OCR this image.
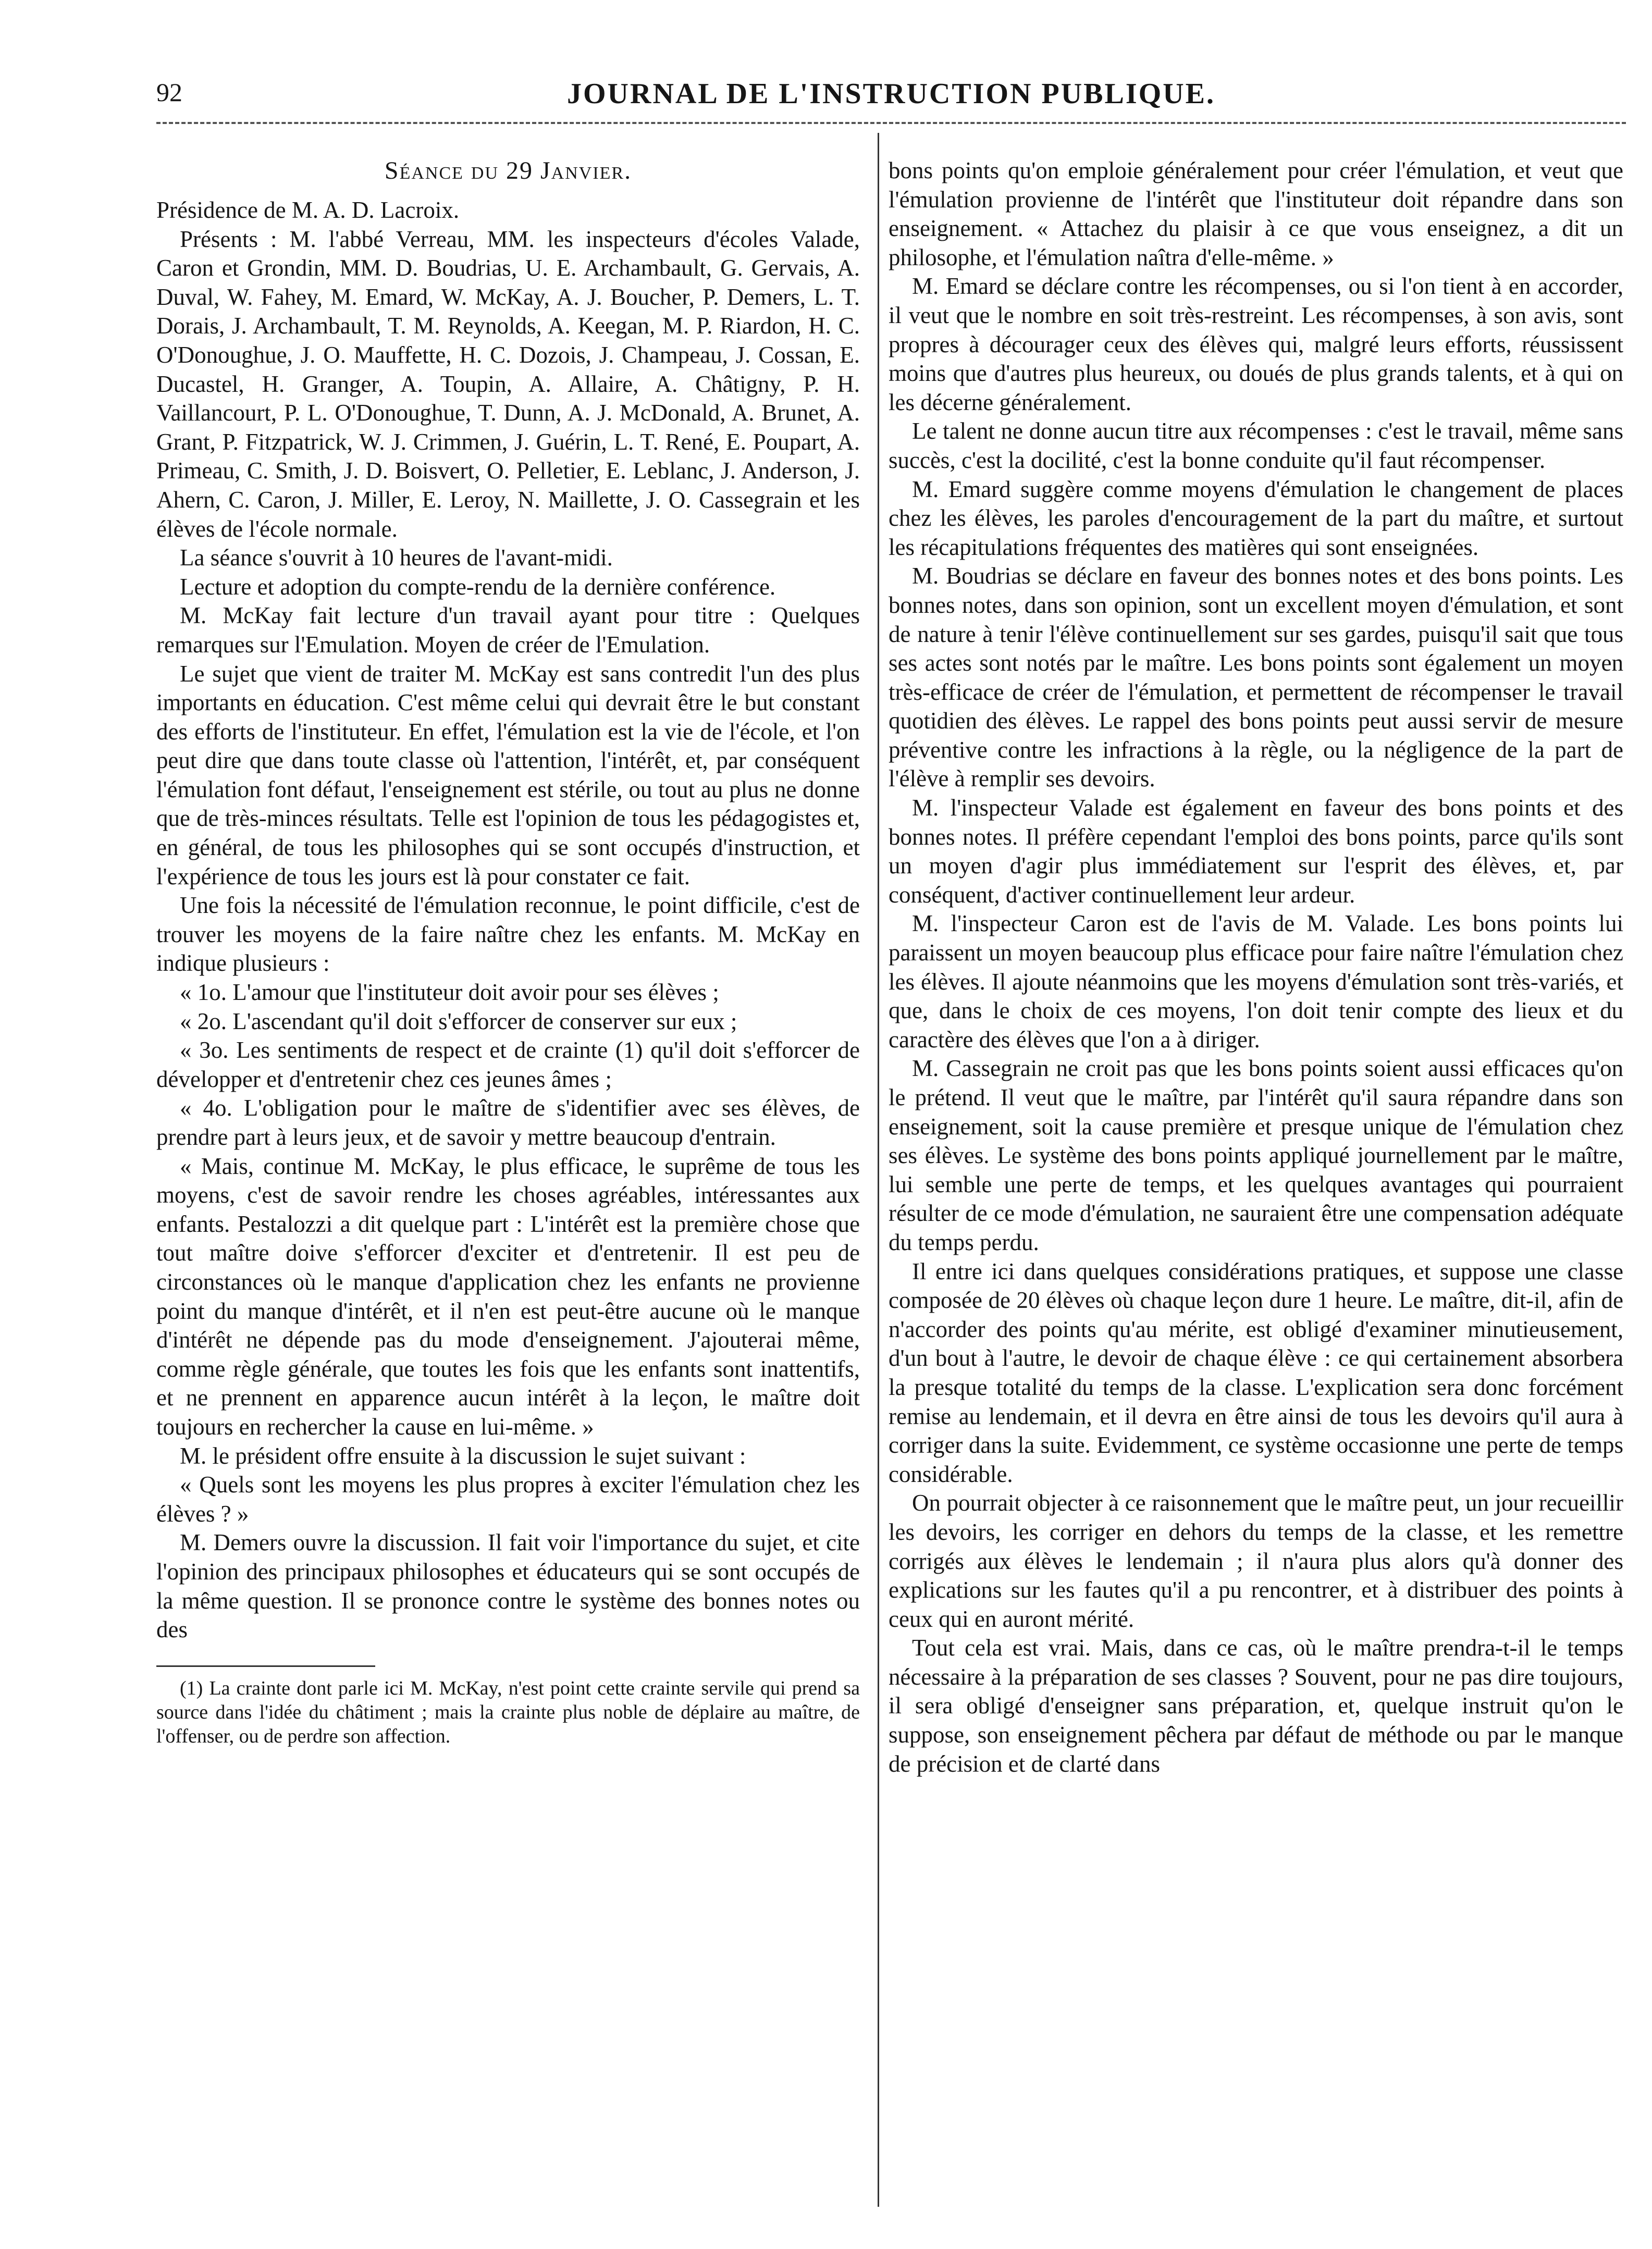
92	JOURNAL DE L'INSTRUCTION PUBLIQUE.
Séance du 29 Janvier.

Présidence de M. A. D. Lacroix.

Présents : M. l'abbé Verreau, MM. les inspecteurs d'écoles Valade, Caron et Grondin, MM. D. Boudrias, U. E. Archambault, G. Gervais, A. Duval, W. Fahey, M. Emard, W. McKay, A. J. Boucher, P. Demers, L. T. Dorais, J. Archambault, T. M. Reynolds, A. Keegan, M. P. Riardon, H. C. O'Donoughue, J. O. Mauffette, H. C. Dozois, J. Champeau, J. Cossan, E. Ducastel, H. Granger, A. Toupin, A. Allaire, A. Châtigny, P. H. Vaillancourt, P. L. O'Donoughue, T. Dunn, A. J. McDonald, A. Brunet, A. Grant, P. Fitzpatrick, W. J. Crimmen, J. Guérin, L. T. René, E. Poupart, A. Primeau, C. Smith, J. D. Boisvert, O. Pelletier, E. Leblanc, J. Anderson, J. Ahern, C. Caron, J. Miller, E. Leroy, N. Maillette, J. O. Cassegrain et les élèves de l'école normale.

La séance s'ouvrit à 10 heures de l'avant-midi.

Lecture et adoption du compte-rendu de la dernière conférence.

M. McKay fait lecture d'un travail ayant pour titre : Quelques remarques sur l'Emulation. Moyen de créer de l'Emulation.

Le sujet que vient de traiter M. McKay est sans contredit l'un des plus importants en éducation. C'est même celui qui devrait être le but constant des efforts de l'instituteur. En effet, l'émulation est la vie de l'école, et l'on peut dire que dans toute classe où l'attention, l'intérêt, et, par conséquent l'émulation font défaut, l'enseignement est stérile, ou tout au plus ne donne que de très-minces résultats. Telle est l'opinion de tous les pédagogistes et, en général, de tous les philosophes qui se sont occupés d'instruction, et l'expérience de tous les jours est là pour constater ce fait.

Une fois la nécessité de l'émulation reconnue, le point difficile, c'est de trouver les moyens de la faire naître chez les enfants. M. McKay en indique plusieurs :

« 1o. L'amour que l'instituteur doit avoir pour ses élèves ;

« 2o. L'ascendant qu'il doit s'efforcer de conserver sur eux ;

« 3o. Les sentiments de respect et de crainte (1) qu'il doit s'efforcer de développer et d'entretenir chez ces jeunes âmes ;

« 4o. L'obligation pour le maître de s'identifier avec ses élèves, de prendre part à leurs jeux, et de savoir y mettre beaucoup d'entrain.

« Mais, continue M. McKay, le plus efficace, le suprême de tous les moyens, c'est de savoir rendre les choses agréables, intéressantes aux enfants. Pestalozzi a dit quelque part : L'intérêt est la première chose que tout maître doive s'efforcer d'exciter et d'entretenir. Il est peu de circonstances où le manque d'application chez les enfants ne provienne point du manque d'intérêt, et il n'en est peut-être aucune où le manque d'intérêt ne dépende pas du mode d'enseignement. J'ajouterai même, comme règle générale, que toutes les fois que les enfants sont inattentifs, et ne prennent en apparence aucun intérêt à la leçon, le maître doit toujours en rechercher la cause en lui-même. »

M. le président offre ensuite à la discussion le sujet suivant :

« Quels sont les moyens les plus propres à exciter l'émulation chez les élèves ? »

M. Demers ouvre la discussion. Il fait voir l'importance du sujet, et cite l'opinion des principaux philosophes et éducateurs qui se sont occupés de la même question. Il se prononce contre le système des bonnes notes ou des

(1) La crainte dont parle ici M. McKay, n'est point cette crainte servile qui prend sa source dans l'idée du châtiment ; mais la crainte plus noble de déplaire au maître, de l'offenser, ou de perdre son affection.

bons points qu'on emploie généralement pour créer l'émulation, et veut que l'émulation provienne de l'intérêt que l'instituteur doit répandre dans son enseignement. « Attachez du plaisir à ce que vous enseignez, a dit un philosophe, et l'émulation naîtra d'elle-même. »

M. Emard se déclare contre les récompenses, ou si l'on tient à en accorder, il veut que le nombre en soit très-restreint. Les récompenses, à son avis, sont propres à décourager ceux des élèves qui, malgré leurs efforts, réussissent moins que d'autres plus heureux, ou doués de plus grands talents, et à qui on les décerne généralement.

Le talent ne donne aucun titre aux récompenses : c'est le travail, même sans succès, c'est la docilité, c'est la bonne conduite qu'il faut récompenser.

M. Emard suggère comme moyens d'émulation le changement de places chez les élèves, les paroles d'encouragement de la part du maître, et surtout les récapitulations fréquentes des matières qui sont enseignées.

M. Boudrias se déclare en faveur des bonnes notes et des bons points. Les bonnes notes, dans son opinion, sont un excellent moyen d'émulation, et sont de nature à tenir l'élève continuellement sur ses gardes, puisqu'il sait que tous ses actes sont notés par le maître. Les bons points sont également un moyen très-efficace de créer de l'émulation, et permettent de récompenser le travail quotidien des élèves. Le rappel des bons points peut aussi servir de mesure préventive contre les infractions à la règle, ou la négligence de la part de l'élève à remplir ses devoirs.

M. l'inspecteur Valade est également en faveur des bons points et des bonnes notes. Il préfère cependant l'emploi des bons points, parce qu'ils sont un moyen d'agir plus immédiatement sur l'esprit des élèves, et, par conséquent, d'activer continuellement leur ardeur.

M. l'inspecteur Caron est de l'avis de M. Valade. Les bons points lui paraissent un moyen beaucoup plus efficace pour faire naître l'émulation chez les élèves. Il ajoute néanmoins que les moyens d'émulation sont très-variés, et que, dans le choix de ces moyens, l'on doit tenir compte des lieux et du caractère des élèves que l'on a à diriger.

M. Cassegrain ne croit pas que les bons points soient aussi efficaces qu'on le prétend. Il veut que le maître, par l'intérêt qu'il saura répandre dans son enseignement, soit la cause première et presque unique de l'émulation chez ses élèves. Le système des bons points appliqué journellement par le maître, lui semble une perte de temps, et les quelques avantages qui pourraient résulter de ce mode d'émulation, ne sauraient être une compensation adéquate du temps perdu.

Il entre ici dans quelques considérations pratiques, et suppose une classe composée de 20 élèves où chaque leçon dure 1 heure. Le maître, dit-il, afin de n'accorder des points qu'au mérite, est obligé d'examiner minutieusement, d'un bout à l'autre, le devoir de chaque élève : ce qui certainement absorbera la presque totalité du temps de la classe. L'explication sera donc forcément remise au lendemain, et il devra en être ainsi de tous les devoirs qu'il aura à corriger dans la suite. Evidemment, ce système occasionne une perte de temps considérable.

On pourrait objecter à ce raisonnement que le maître peut, un jour recueillir les devoirs, les corriger en dehors du temps de la classe, et les remettre corrigés aux élèves le lendemain ; il n'aura plus alors qu'à donner des explications sur les fautes qu'il a pu rencontrer, et à distribuer des points à ceux qui en auront mérité.

Tout cela est vrai. Mais, dans ce cas, où le maître prendra-t-il le temps nécessaire à la préparation de ses classes ? Souvent, pour ne pas dire toujours, il sera obligé d'enseigner sans préparation, et, quelque instruit qu'on le suppose, son enseignement pêchera par défaut de méthode ou par le manque de précision et de clarté dans
